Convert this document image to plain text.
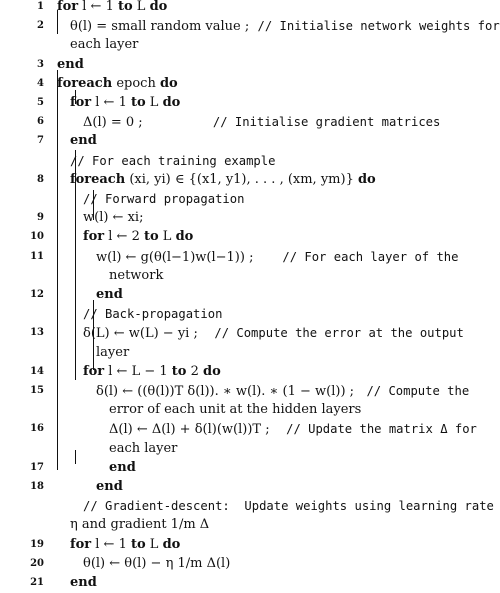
1 for l ← 1 to L do
2 θ(l) = small random value ;  // Initialise network weights for
each layer
3 end
4 foreach epoch do
5 for l ← 1 to L do
6	Δ(l) = 0 ;                 // Initialise gradient matrices
7 end
// For each training example
8 foreach (xi, yi) ∈ {(x1, y1), . . . , (xm, ym)} do
// Forward propagation
9	w(l) ← xi;
10	for l ← 2 to L do
11	w(l) ← g(θ(l−1)w(l−1)) ;       // For each layer of the
network
12	end
// Back-propagation
13	δ(L) ← w(L) − yi ;    // Compute the error at the output
layer
14	for l ← L − 1 to 2 do
15	δ(l) ← ((θ(l))T δ(l)). ∗ w(l). ∗ (1 − w(l)) ;   // Compute the
error of each unit at the hidden layers
16	Δ(l) ← Δ(l) + δ(l)(w(l))T ;    // Update the matrix Δ for
each layer
17	end
18	end
// Gradient-descent:  Update weights using learning rate
η and gradient 1/m Δ
19 for l ← 1 to L do
20	θ(l) ← θ(l) − η 1/m Δ(l)
21 end
